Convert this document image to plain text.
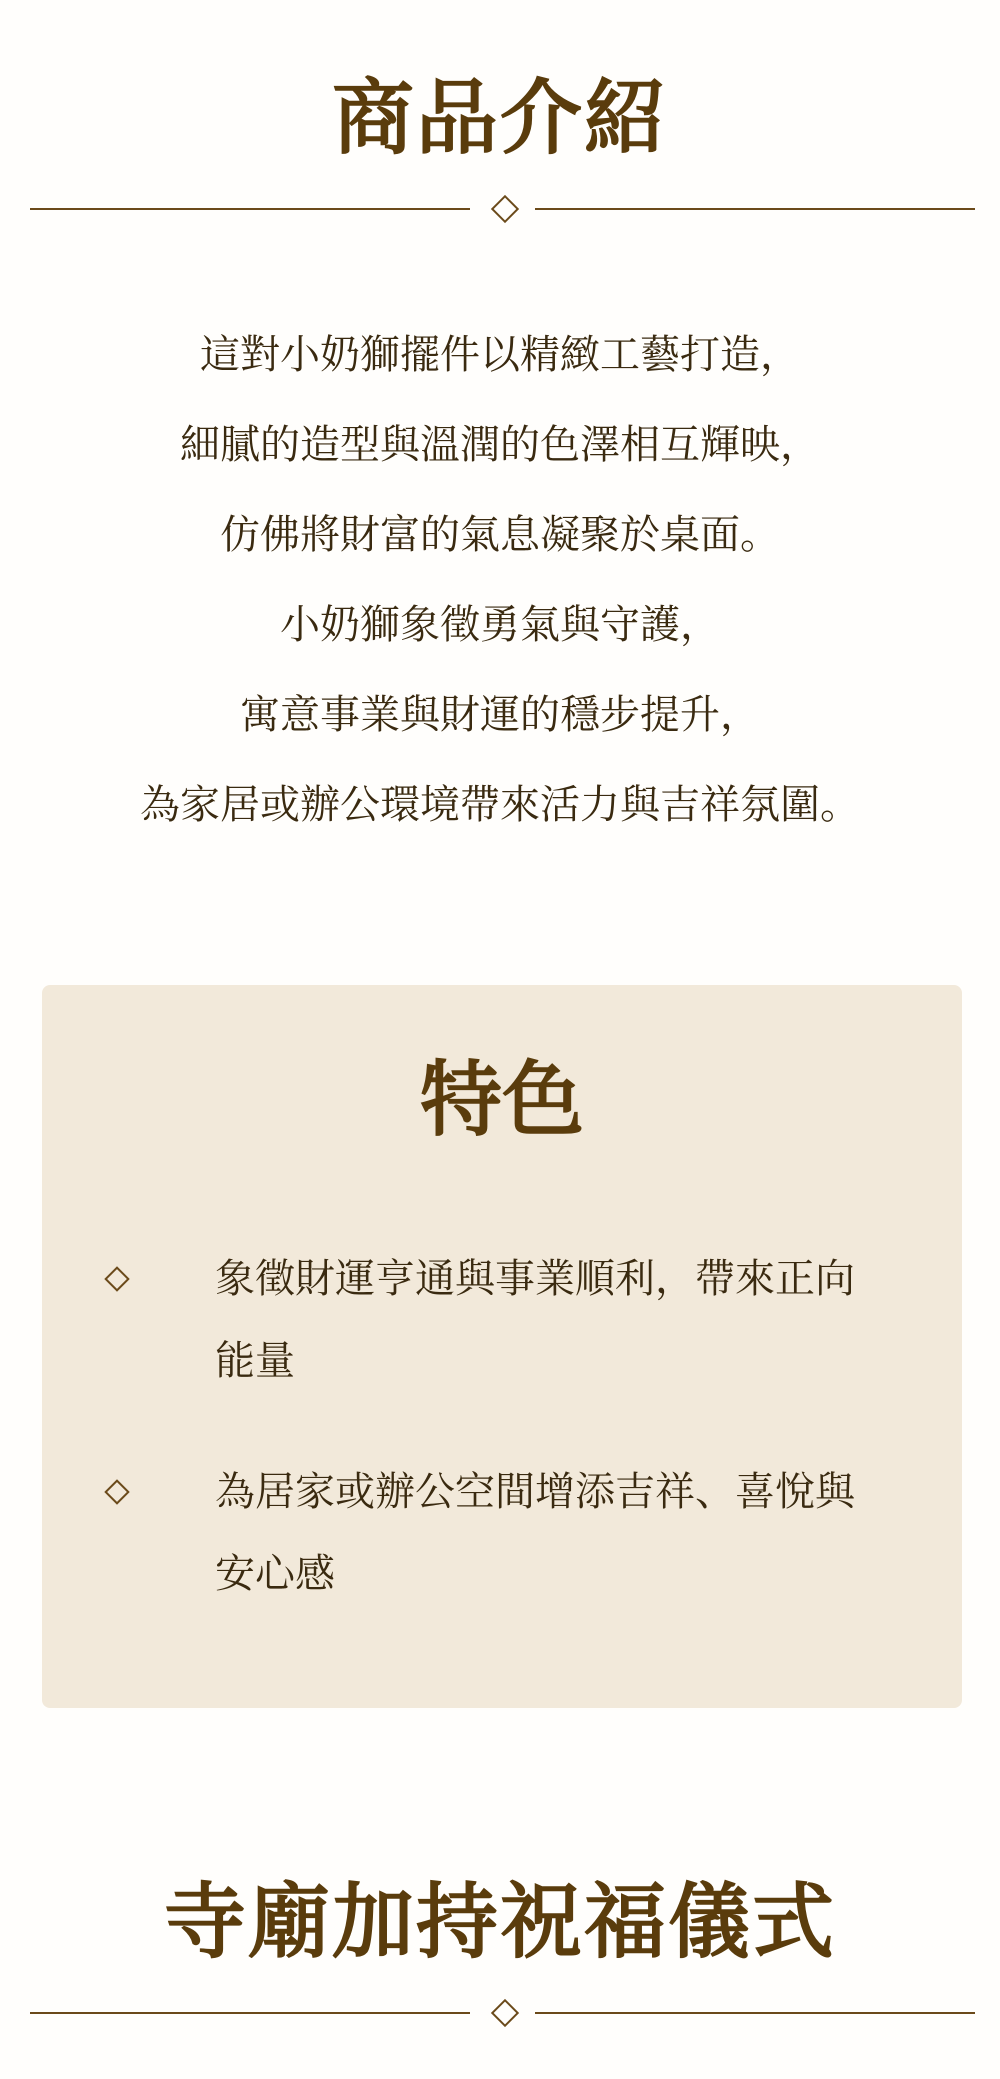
商品介紹
這對小奶獅擺件以精緻工藝打造，
細膩的造型與溫潤的色澤相互輝映，
仿佛將財富的氣息凝聚於桌面。
小奶獅象徵勇氣與守護，
寓意事業與財運的穩步提升，
為家居或辦公環境帶來活力與吉祥氛圍。
特色
象徵財運亨通與事業順利，帶來正向能量
為居家或辦公空間增添吉祥、喜悅與安心感
寺廟加持祝福儀式
